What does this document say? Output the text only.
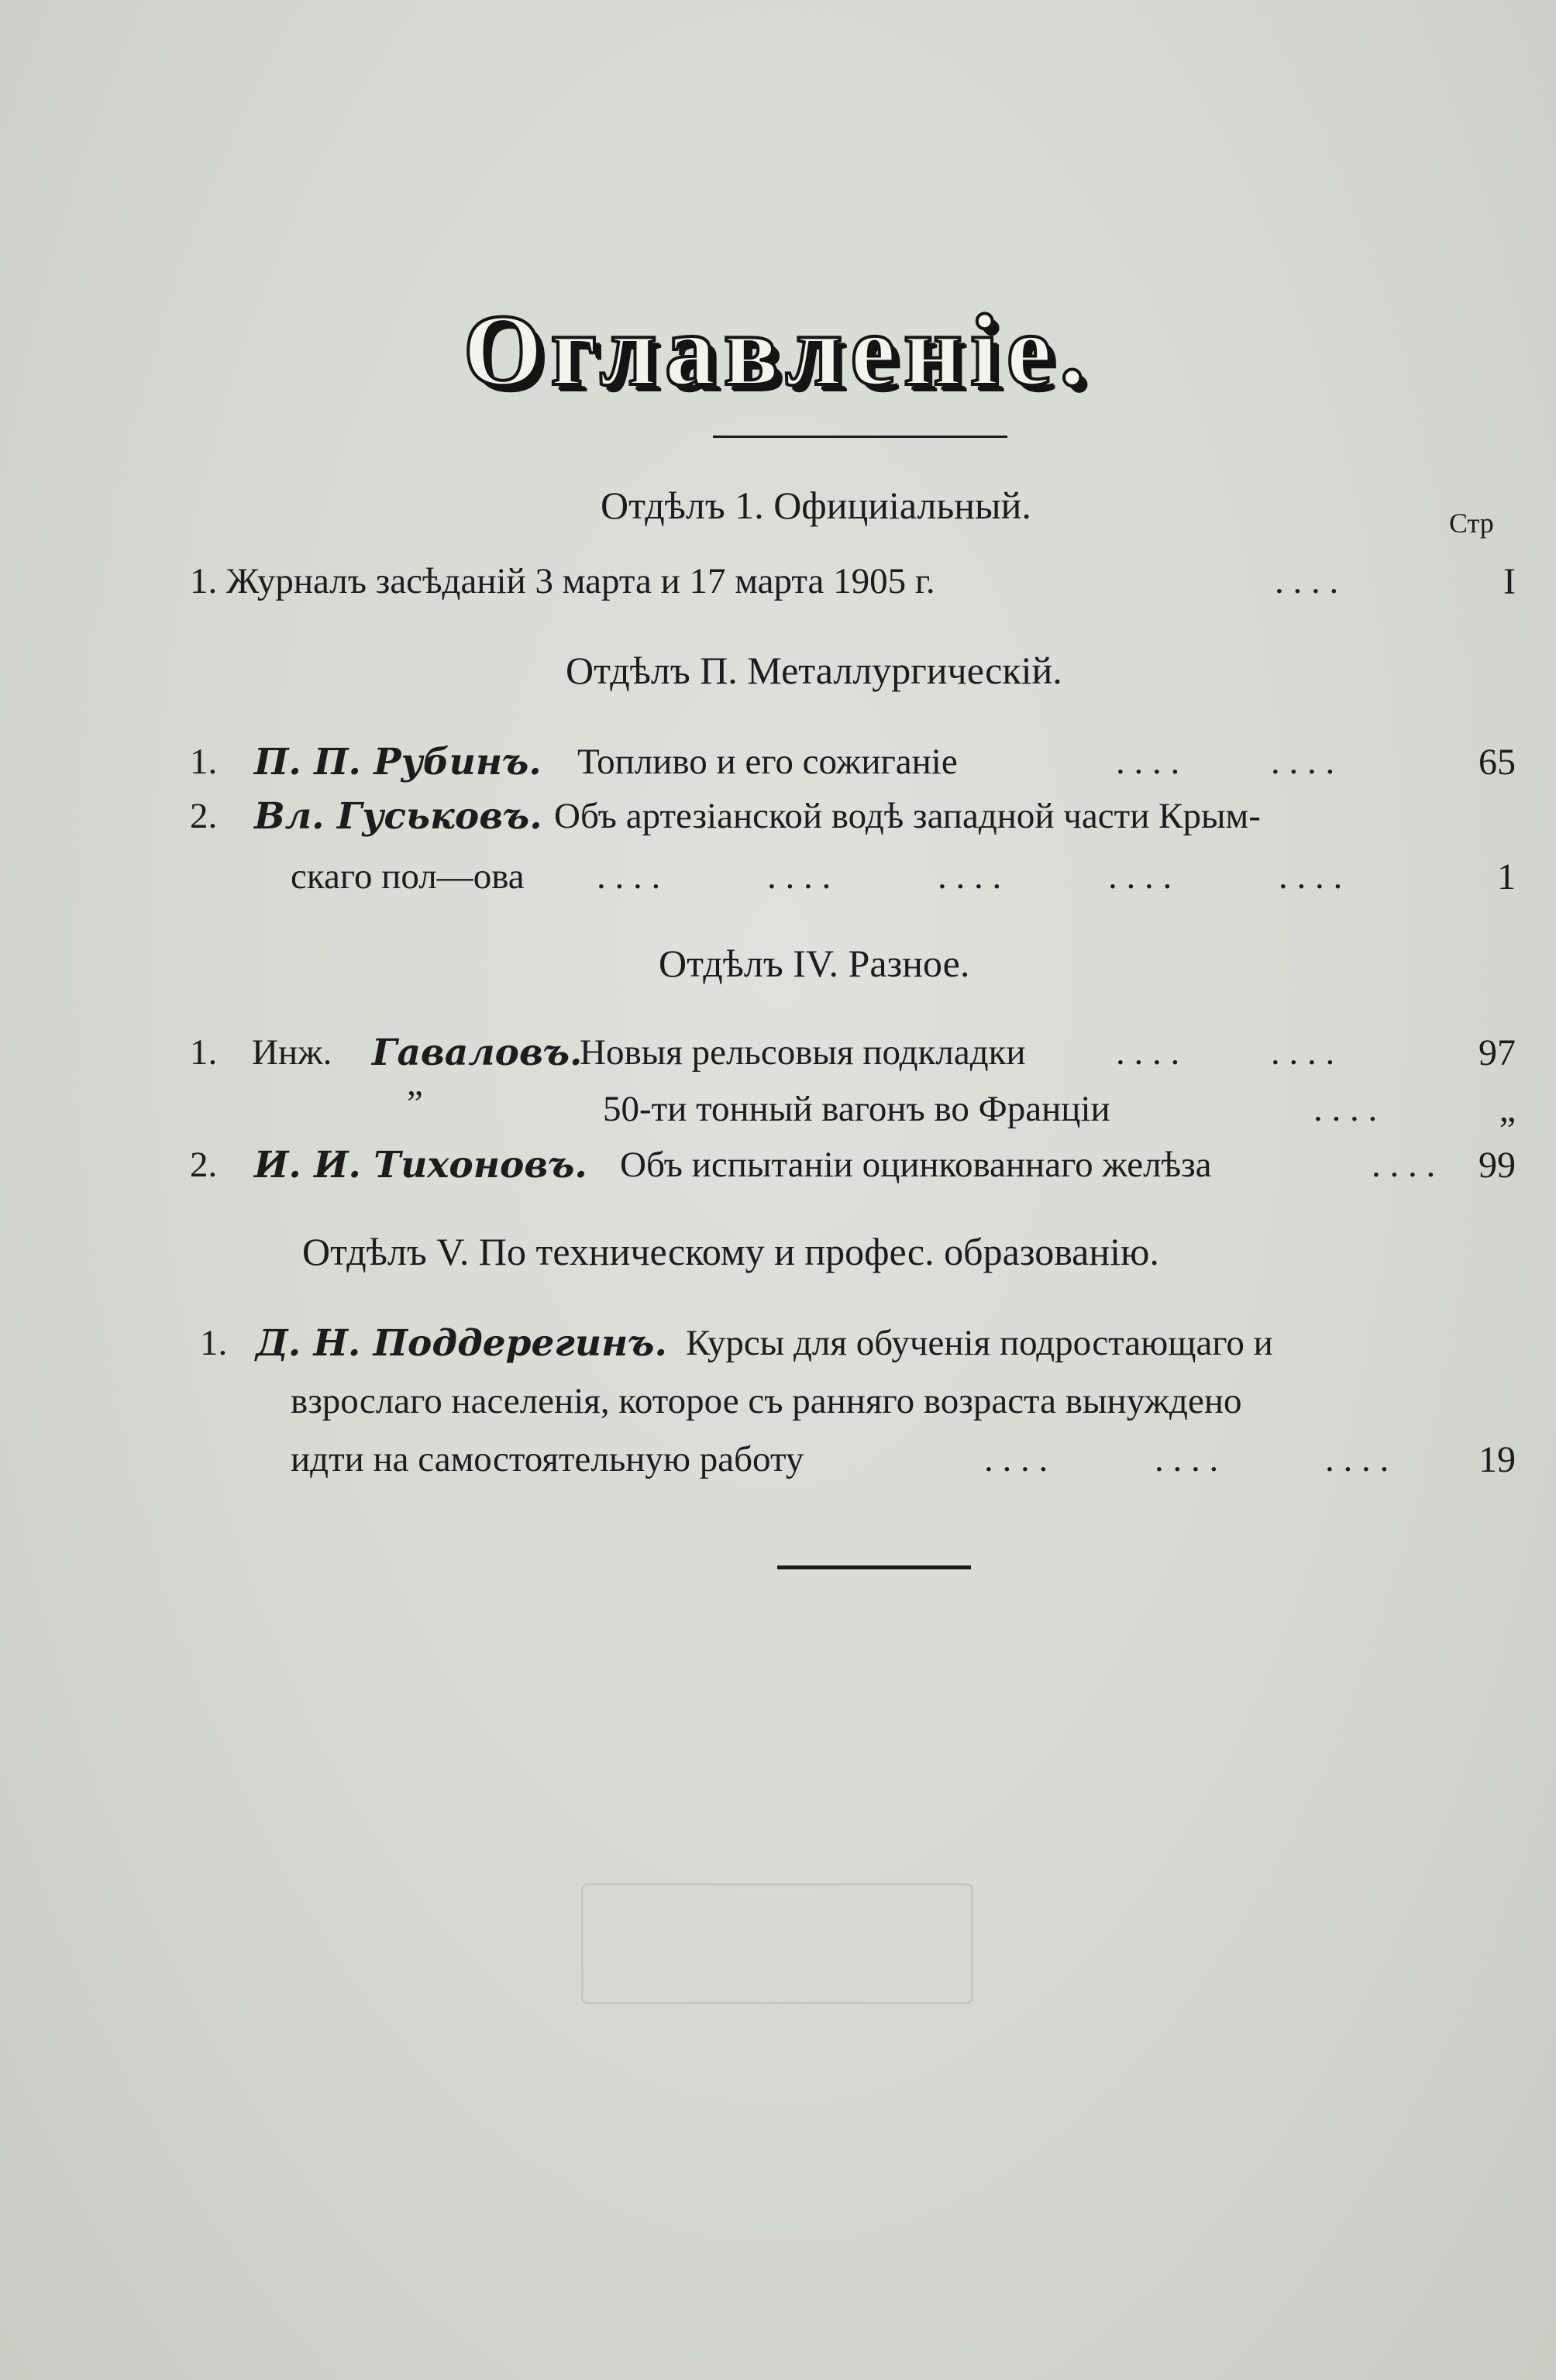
Оглавленіе.
Отдѣлъ 1. Официіальный.	Стр
1. Журналъ засѣданій 3 марта и 17 марта 1905 г.	. . . .	I
Отдѣлъ П. Металлургическій.
1. П. П. Рубинъ. Топливо и его сожиганіе	. . . .	. . . .	65
2. Вл. Гуськовъ. Объ артезіанской водѣ западной части Крым-
скаго пол—ова . . . .	. . . .	. . . .	. . . .	. . . .	1
Отдѣлъ IV. Разное.
1. Инж. Гаваловъ.
Новыя рельсовыя подкладки . . . .	. . . .	97
„
50-ти тонный вагонъ во Франціи	. . . .	„
2. И. И. Тихоновъ. Объ испытаніи оцинкованнаго желѣза	. . . .	99
Отдѣлъ V. По техническому и профес. образованію.
1. Д. Н. Поддерегинъ. Курсы для обученія подростающаго и
взрослаго населенія, которое съ ранняго возраста вынуждено
идти на самостоятельную работу	. . . .	. . . .	. . . .	19
